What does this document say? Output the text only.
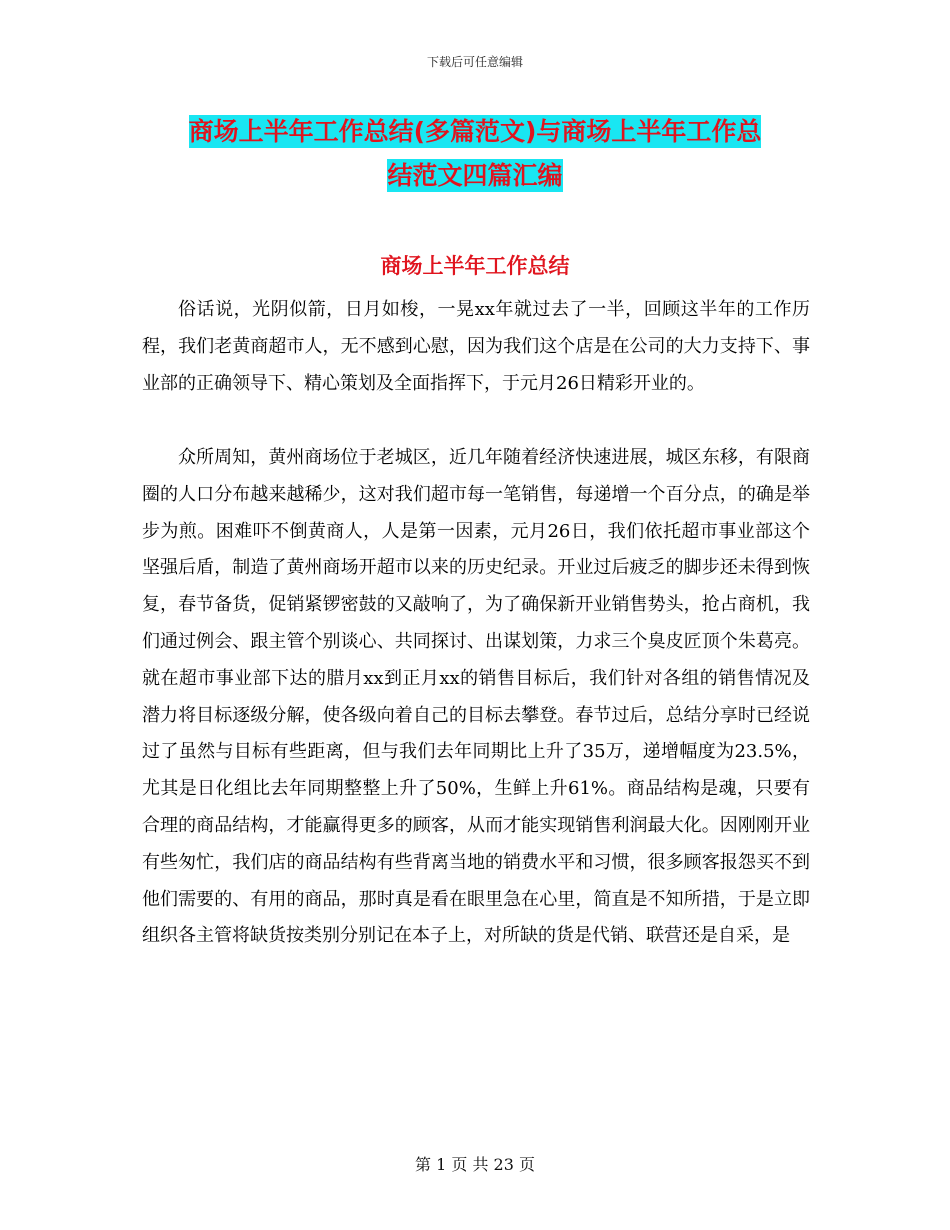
下载后可任意编辑
商场上半年工作总结(多篇范文)与商场上半年工作总
结范文四篇汇编
商场上半年工作总结

俗话说，光阴似箭，日月如梭，一晃xx年就过去了一半，回顾这半年的工作历程，我们老黄商超市人，无不感到心慰，因为我们这个店是在公司的大力支持下、事业部的正确领导下、精心策划及全面指挥下，于元月26日精彩开业的。

众所周知，黄州商场位于老城区，近几年随着经济快速进展，城区东移，有限商圈的人口分布越来越稀少，这对我们超市每一笔销售，每递增一个百分点，的确是举步为煎。困难吓不倒黄商人，人是第一因素，元月26日，我们依托超市事业部这个坚强后盾，制造了黄州商场开超市以来的历史纪录。开业过后疲乏的脚步还未得到恢复，春节备货，促销紧锣密鼓的又敲响了，为了确保新开业销售势头，抢占商机，我们通过例会、跟主管个别谈心、共同探讨、出谋划策，力求三个臭皮匠顶个朱葛亮。就在超市事业部下达的腊月xx到正月xx的销售目标后，我们针对各组的销售情况及潜力将目标逐级分解，使各级向着自己的目标去攀登。春节过后，总结分享时已经说过了虽然与目标有些距离，但与我们去年同期比上升了35万，递增幅度为23.5%，尤其是日化组比去年同期整整上升了50%，生鲜上升61%。商品结构是魂，只要有合理的商品结构，才能赢得更多的顾客，从而才能实现销售利润最大化。因刚刚开业有些匆忙，我们店的商品结构有些背离当地的销费水平和习惯，很多顾客报怨买不到他们需要的、有用的商品，那时真是看在眼里急在心里，简直是不知所措，于是立即组织各主管将缺货按类别分别记在本子上，对所缺的货是代销、联营还是自采，是

第 1 页 共 23 页
